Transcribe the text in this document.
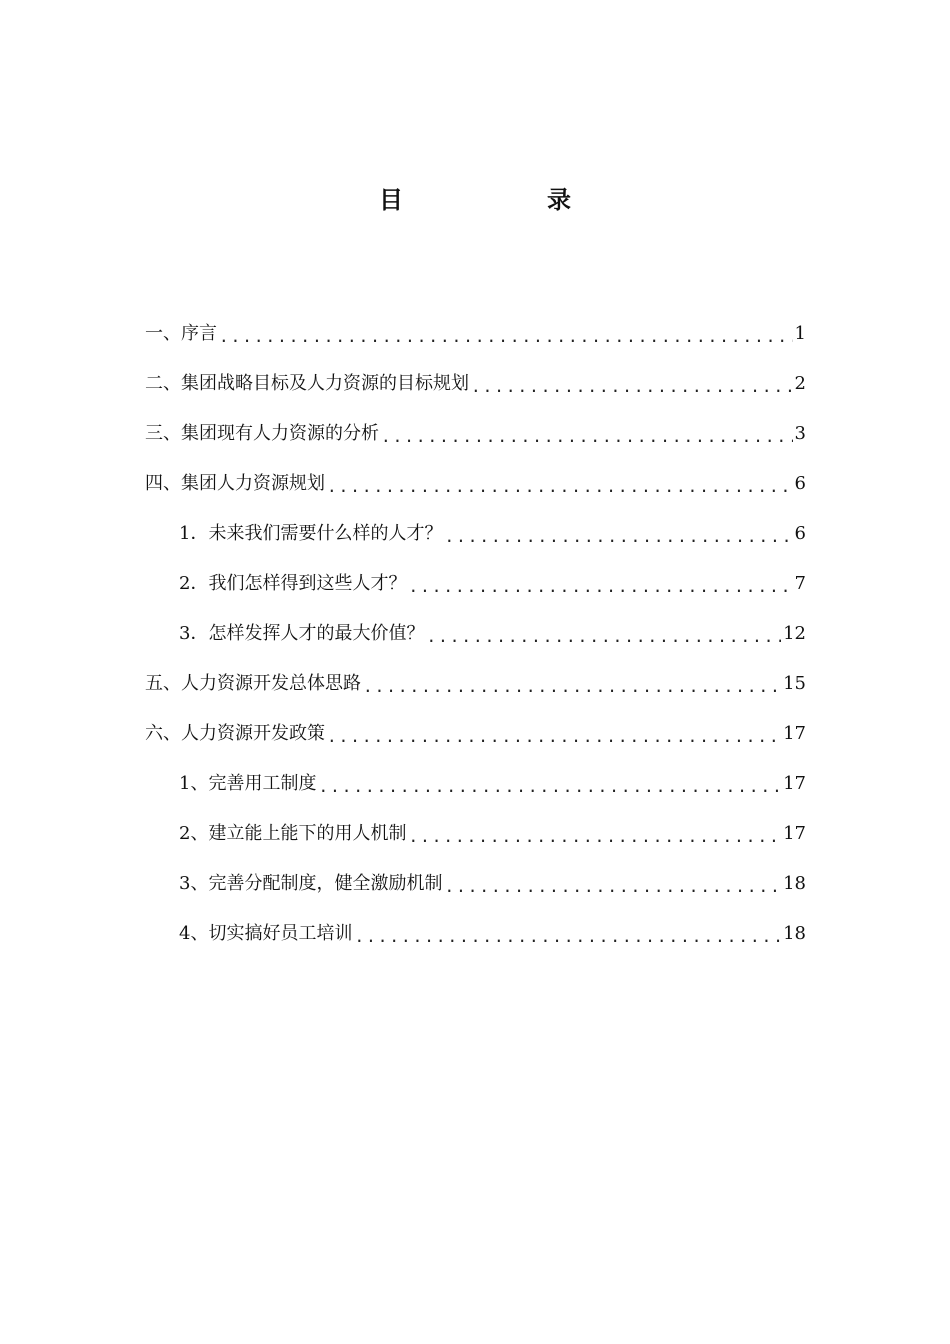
目　录
一、序言 .....	1
二、集团战略目标及人力资源的目标规划 .....	2
三、集团现有人力资源的分析 .....	3
四、集团人力资源规划 .....	6
1．未来我们需要什么样的人才？ .....	6
2．我们怎样得到这些人才？ .....	7
3．怎样发挥人才的最大价值？ .....	12
五、人力资源开发总体思路 .....	15
六、人力资源开发政策 .....	17
1、完善用工制度 .....	17
2、建立能上能下的用人机制 .....	17
3、完善分配制度，健全激励机制 .....	18
4、切实搞好员工培训 .....	18
